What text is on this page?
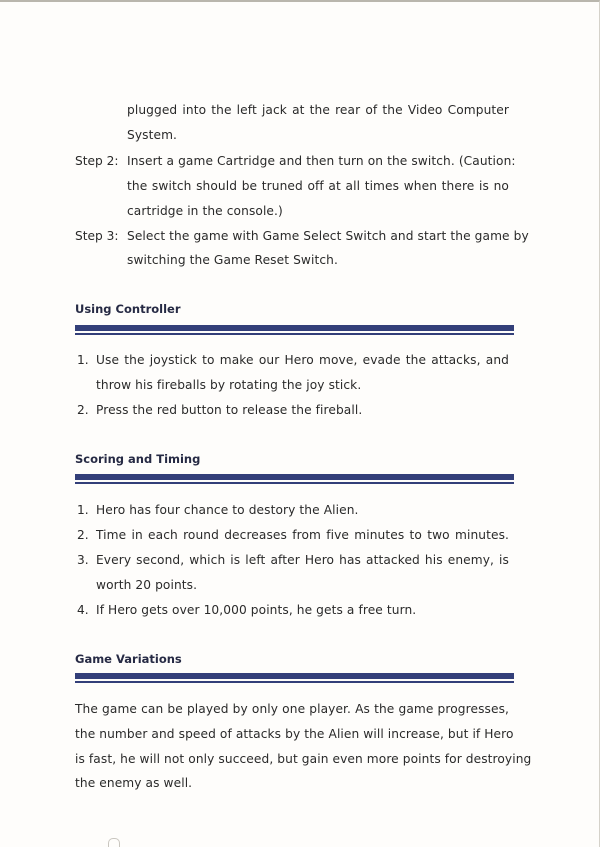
plugged into the left jack at the rear of the Video Computer
System.
Step 2: Insert a game Cartridge and then turn on the switch. (Caution:
the switch should be truned off at all times when there is no
cartridge in the console.)
Step 3: Select the game with Game Select Switch and start the game by
switching the Game Reset Switch.
Using Controller
1. Use the joystick to make our Hero move, evade the attacks, and
throw his fireballs by rotating the joy stick.
2. Press the red button to release the fireball.
Scoring and Timing
1. Hero has four chance to destory the Alien.
2. Time in each round decreases from five minutes to two minutes.
3. Every second, which is left after Hero has attacked his enemy, is
worth 20 points.
4. If Hero gets over 10,000 points, he gets a free turn.
Game Variations
The game can be played by only one player. As the game progresses,
the number and speed of attacks by the Alien will increase, but if Hero
is fast, he will not only succeed, but gain even more points for destroying
the enemy as well.
